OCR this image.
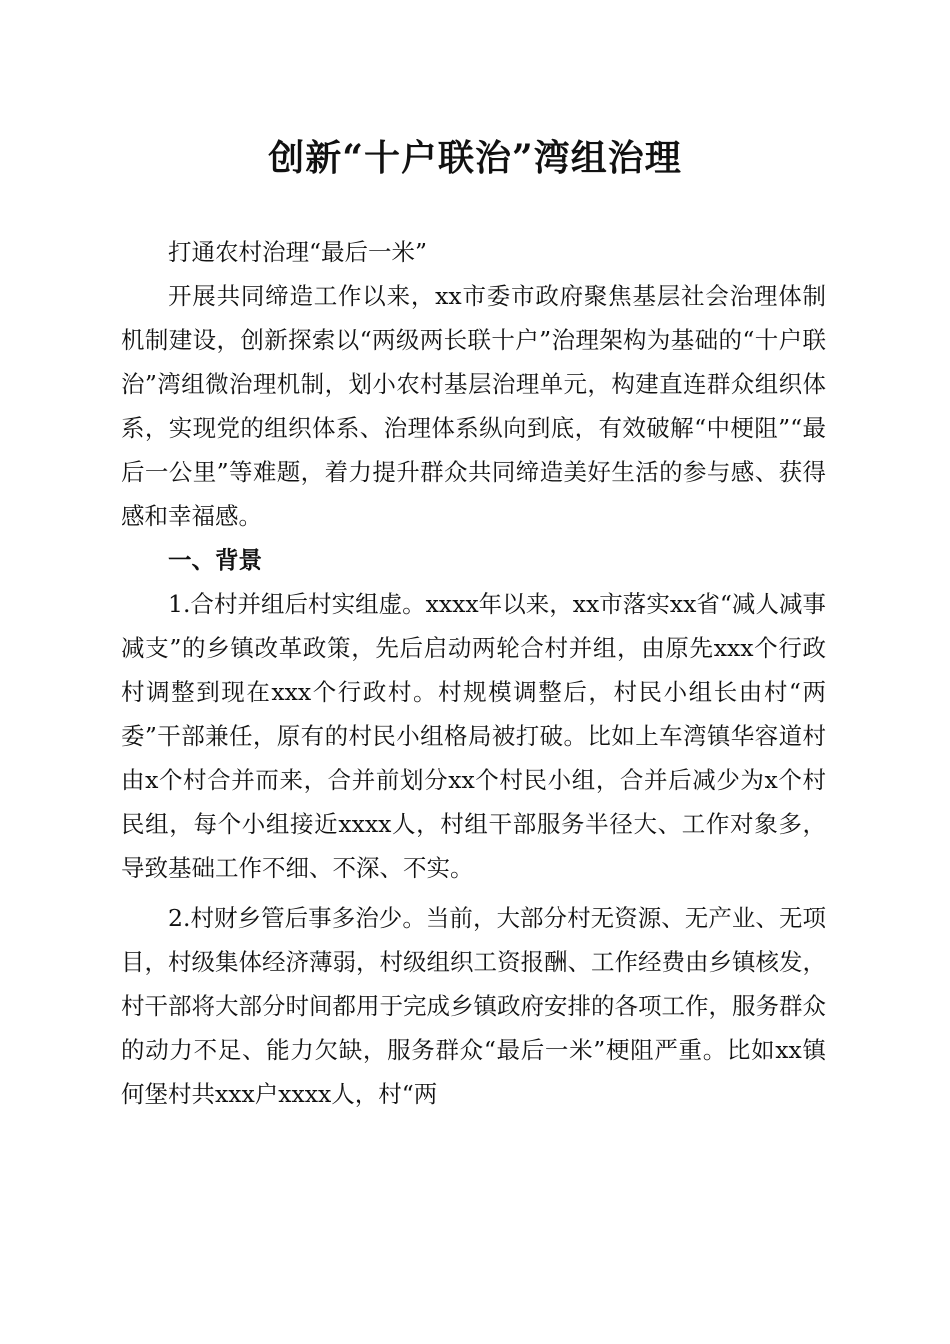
创新“十户联治”湾组治理

打通农村治理“最后一米”

开展共同缔造工作以来，xx市委市政府聚焦基层社会治理体制机制建设，创新探索以“两级两长联十户”治理架构为基础的“十户联治”湾组微治理机制，划小农村基层治理单元，构建直连群众组织体系，实现党的组织体系、治理体系纵向到底，有效破解“中梗阻”“最后一公里”等难题，着力提升群众共同缔造美好生活的参与感、获得感和幸福感。

一、背景

1.合村并组后村实组虚。xxxx年以来，xx市落实xx省“减人减事减支”的乡镇改革政策，先后启动两轮合村并组，由原先xxx个行政村调整到现在xxx个行政村。村规模调整后，村民小组长由村“两委”干部兼任，原有的村民小组格局被打破。比如上车湾镇华容道村由x个村合并而来，合并前划分xx个村民小组，合并后减少为x个村民组，每个小组接近xxxx人，村组干部服务半径大、工作对象多，导致基础工作不细、不深、不实。

2.村财乡管后事多治少。当前，大部分村无资源、无产业、无项目，村级集体经济薄弱，村级组织工资报酬、工作经费由乡镇核发，村干部将大部分时间都用于完成乡镇政府安排的各项工作，服务群众的动力不足、能力欠缺，服务群众“最后一米”梗阻严重。比如xx镇何堡村共xxx户xxxx人，村“两
